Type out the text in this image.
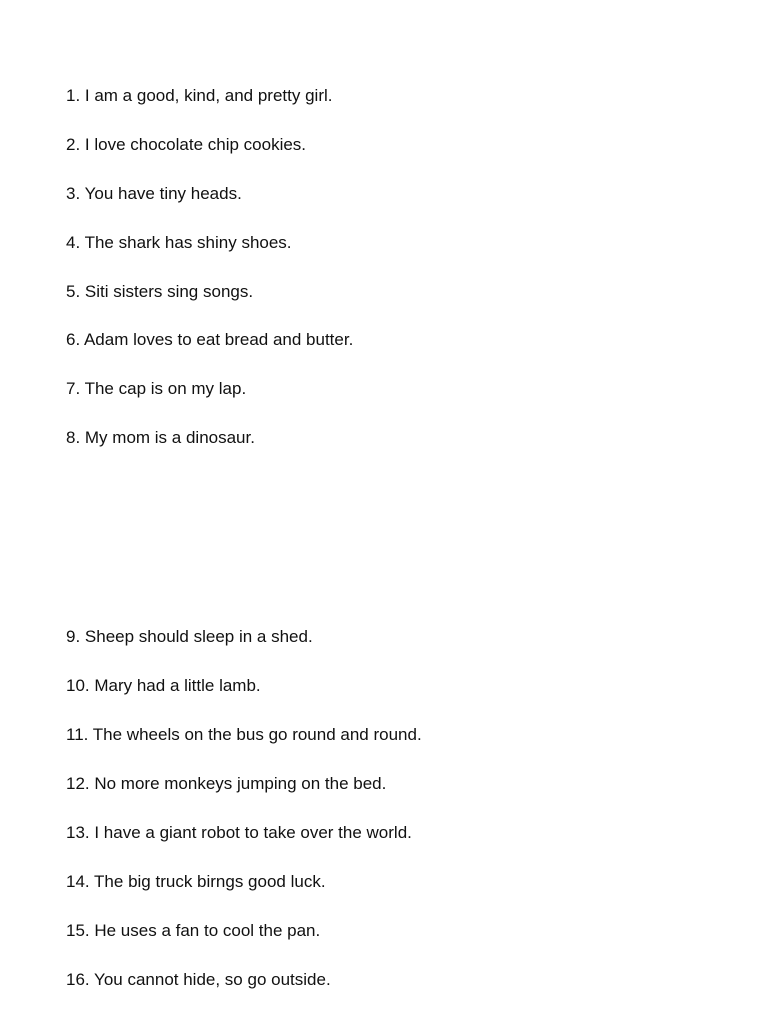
1. I am a good, kind, and pretty girl.
2. I love chocolate chip cookies.
3. You have tiny heads.
4. The shark has shiny shoes.
5. Siti sisters sing songs.
6. Adam loves to eat bread and butter.
7. The cap is on my lap.
8. My mom is a dinosaur.
9. Sheep should sleep in a shed.
10. Mary had a little lamb.
11. The wheels on the bus go round and round.
12. No more monkeys jumping on the bed.
13. I have a giant robot to take over the world.
14. The big truck birngs good luck.
15. He uses a fan to cool the pan.
16. You cannot hide, so go outside.
